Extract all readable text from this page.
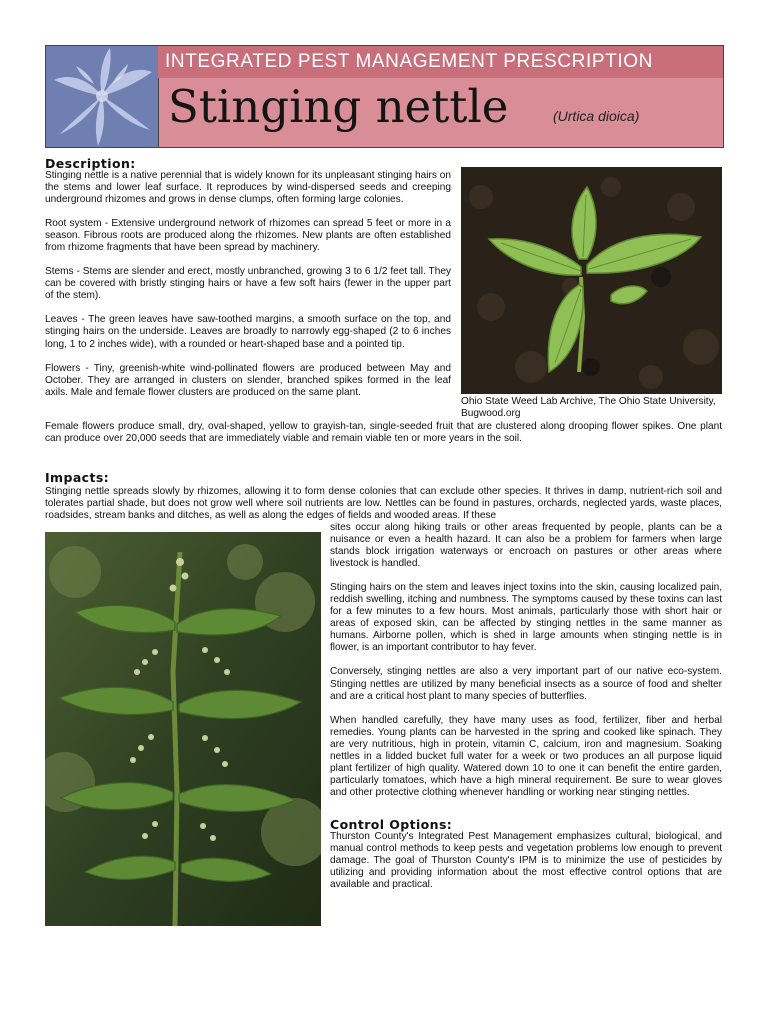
INTEGRATED PEST MANAGEMENT PRESCRIPTION
Stinging nettle	(Urtica dioica)
Description:

Stinging nettle is a native perennial that is widely known for its unpleasant stinging hairs on the stems and lower leaf surface. It reproduces by wind-dispersed seeds and creeping underground rhizomes and grows in dense clumps, often forming large colonies.

Root system - Extensive underground network of rhizomes can spread 5 feet or more in a season. Fibrous roots are produced along the rhizomes. New plants are often established from rhizome fragments that have been spread by machinery.

Stems - Stems are slender and erect, mostly unbranched, growing 3 to 6 1/2 feet tall. They can be covered with bristly stinging hairs or have a few soft hairs (fewer in the upper part of the stem).

Leaves - The green leaves have saw-toothed margins, a smooth surface on the top, and stinging hairs on the underside. Leaves are broadly to narrowly egg-shaped (2 to 6 inches long, 1 to 2 inches wide), with a rounded or heart-shaped base and a pointed tip.

Flowers - Tiny, greenish-white wind-pollinated flowers are produced between May and October. They are arranged in clusters on slender, branched spikes formed in the leaf axils. Male and female flower clusters are produced on the same plant.

Female flowers produce small, dry, oval-shaped, yellow to grayish-tan, single-seeded fruit that are clustered along drooping flower spikes. One plant can produce over 20,000 seeds that are immediately viable and remain viable ten or more years in the soil.
Ohio State Weed Lab Archive, The Ohio State University, Bugwood.org
Impacts:
Stinging nettle spreads slowly by rhizomes, allowing it to form dense colonies that can exclude other species. It thrives in damp, nutrient-rich soil and tolerates partial shade, but does not grow well where soil nutrients are low. Nettles can be found in pastures, orchards, neglected yards, waste places, roadsides, stream banks and ditches, as well as along the edges of fields and wooded areas. If these

sites occur along hiking trails or other areas frequented by people, plants can be a nuisance or even a health hazard. It can also be a problem for farmers when large stands block irrigation waterways or encroach on pastures or other areas where livestock is handled.

Stinging hairs on the stem and leaves inject toxins into the skin, causing localized pain, reddish swelling, itching and numbness. The symptoms caused by these toxins can last for a few minutes to a few hours. Most animals, particularly those with short hair or areas of exposed skin, can be affected by stinging nettles in the same manner as humans. Airborne pollen, which is shed in large amounts when stinging nettle is in flower, is an important contributor to hay fever.

Conversely, stinging nettles are also a very important part of our native eco-system. Stinging nettles are utilized by many beneficial insects as a source of food and shelter and are a critical host plant to many species of butterflies.

When handled carefully, they have many uses as food, fertilizer, fiber and herbal remedies. Young plants can be harvested in the spring and cooked like spinach. They are very nutritious, high in protein, vitamin C, calcium, iron and magnesium. Soaking nettles in a lidded bucket full water for a week or two produces an all purpose liquid plant fertilizer of high quality. Watered down 10 to one it can benefit the entire garden, particularly tomatoes, which have a high mineral requirement. Be sure to wear gloves and other protective clothing whenever handling or working near stinging nettles.

Control Options:
Thurston County's Integrated Pest Management emphasizes cultural, biological, and manual control methods to keep pests and vegetation problems low enough to prevent damage. The goal of Thurston County's IPM is to minimize the use of pesticides by utilizing and providing information about the most effective control options that are available and practical.
